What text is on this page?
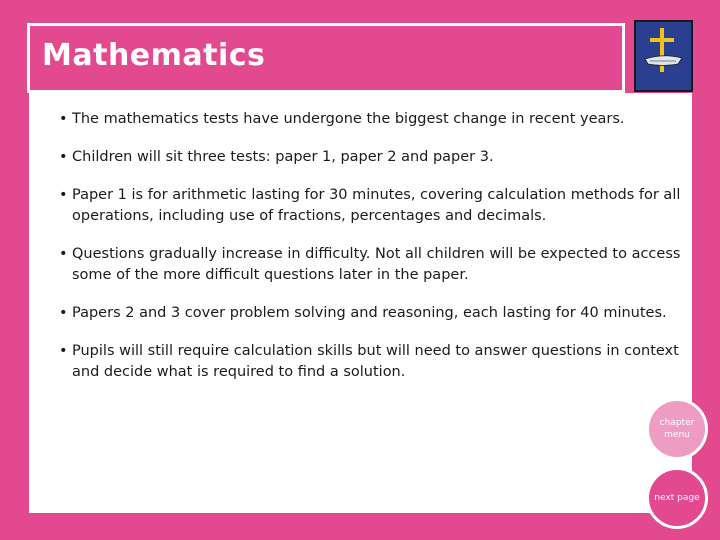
Mathematics
• The mathematics tests have undergone the biggest change in recent years.
• Children will sit three tests: paper 1, paper 2 and paper 3.
• Paper 1 is for arithmetic lasting for 30 minutes, covering calculation methods for all operations, including use of fractions, percentages and decimals.
• Questions gradually increase in difficulty. Not all children will be expected to access some of the more difficult questions later in the paper.
• Papers 2 and 3 cover problem solving and reasoning, each lasting for 40 minutes.
• Pupils will still require calculation skills but will need to answer questions in context and decide what is required to find a solution.
chapter menu
next page
